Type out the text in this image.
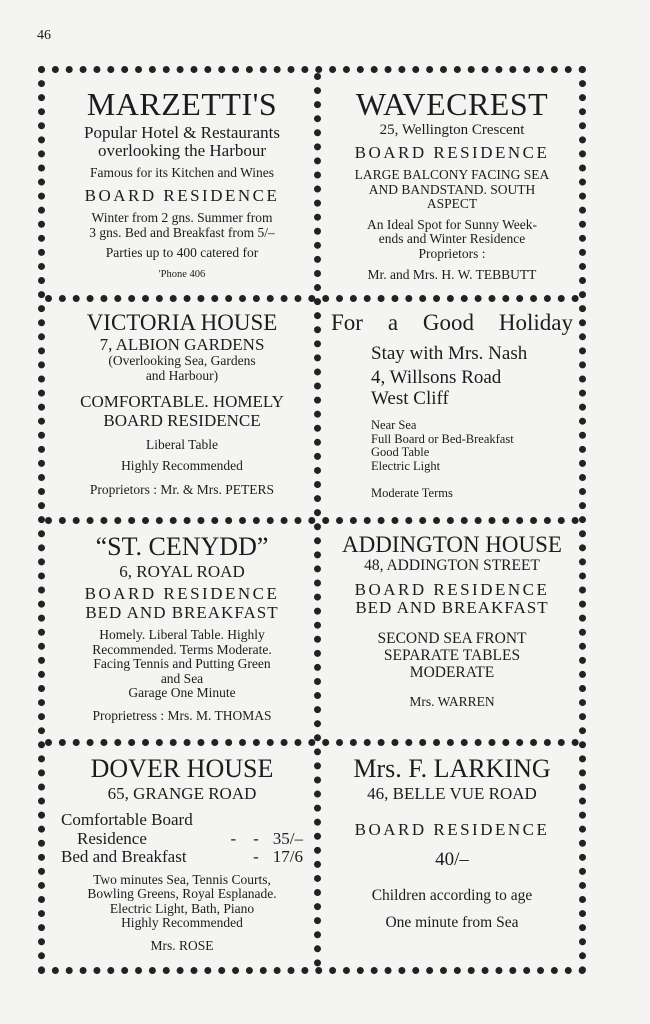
46
MARZETTI'S
Popular Hotel & Restaurants
overlooking the Harbour
Famous for its Kitchen and Wines
BOARD RESIDENCE
Winter from 2 gns. Summer from
3 gns. Bed and Breakfast from 5/–
Parties up to 400 catered for
'Phone 406
WAVECREST
25, Wellington Crescent
BOARD RESIDENCE
LARGE BALCONY FACING SEA
AND BANDSTAND. SOUTH
ASPECT
An Ideal Spot for Sunny Week-
ends and Winter Residence
Proprietors :
Mr. and Mrs. H. W. TEBBUTT
VICTORIA HOUSE
7, ALBION GARDENS
(Overlooking Sea, Gardens
and Harbour)
COMFORTABLE. HOMELY
BOARD RESIDENCE
Liberal Table
Highly Recommended
Proprietors : Mr. & Mrs. PETERS
For a Good Holiday
Stay with Mrs. Nash
4, Willsons Road
West Cliff
Near Sea
Full Board or Bed-Breakfast
Good Table
Electric Light
Moderate Terms
“ST. CENYDD”
6, ROYAL ROAD
BOARD RESIDENCE
BED AND BREAKFAST
Homely. Liberal Table. Highly
Recommended. Terms Moderate.
Facing Tennis and Putting Green
and Sea
Garage One Minute
Proprietress : Mrs. M. THOMAS
ADDINGTON HOUSE
48, ADDINGTON STREET
BOARD RESIDENCE
BED AND BREAKFAST
SECOND SEA FRONT
SEPARATE TABLES
MODERATE
Mrs. WARREN
DOVER HOUSE
65, GRANGE ROAD
Comfortable Board
Residence	-    - 35/–
Bed and Breakfast	- 17/6
Two minutes Sea, Tennis Courts,
Bowling Greens, Royal Esplanade.
Electric Light, Bath, Piano
Highly Recommended
Mrs. ROSE
Mrs. F. LARKING
46, BELLE VUE ROAD
BOARD RESIDENCE
40/–
Children according to age
One minute from Sea
